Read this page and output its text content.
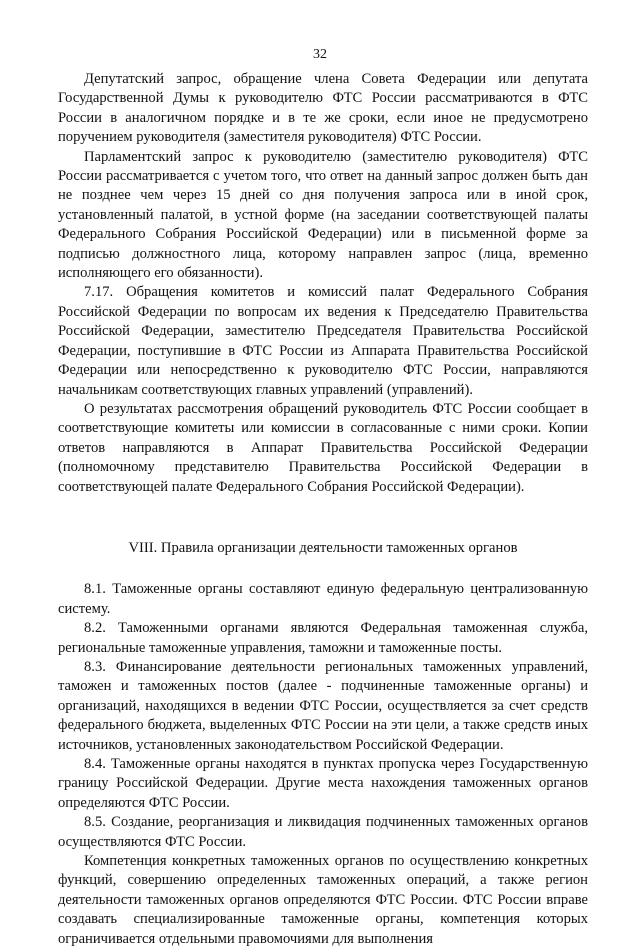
32

Депутатский запрос, обращение члена Совета Федерации или депутата Государственной Думы к руководителю ФТС России рассматриваются в ФТС России в аналогичном порядке и в те же сроки, если иное не предусмотрено поручением руководителя (заместителя руководителя) ФТС России.

Парламентский запрос к руководителю (заместителю руководителя) ФТС России рассматривается с учетом того, что ответ на данный запрос должен быть дан не позднее чем через 15 дней со дня получения запроса или в иной срок, установленный палатой, в устной форме (на заседании соответствующей палаты Федерального Собрания Российской Федерации) или в письменной форме за подписью должностного лица, которому направлен запрос (лица, временно исполняющего его обязанности).

7.17. Обращения комитетов и комиссий палат Федерального Собрания Российской Федерации по вопросам их ведения к Председателю Правительства Российской Федерации, заместителю Председателя Правительства Российской Федерации, поступившие в ФТС России из Аппарата Правительства Российской Федерации или непосредственно к руководителю ФТС России, направляются начальникам соответствующих главных управлений (управлений).

О результатах рассмотрения обращений руководитель ФТС России сообщает в соответствующие комитеты или комиссии в согласованные с ними сроки. Копии ответов направляются в Аппарат Правительства Российской Федерации (полномочному представителю Правительства Российской Федерации в соответствующей палате Федерального Собрания Российской Федерации).

VIII. Правила организации деятельности таможенных органов

8.1. Таможенные органы составляют единую федеральную централизованную систему.

8.2. Таможенными органами являются Федеральная таможенная служба, региональные таможенные управления, таможни и таможенные посты.

8.3. Финансирование деятельности региональных таможенных управлений, таможен и таможенных постов (далее - подчиненные таможенные органы) и организаций, находящихся в ведении ФТС России, осуществляется за счет средств федерального бюджета, выделенных ФТС России на эти цели, а также средств иных источников, установленных законодательством Российской Федерации.

8.4. Таможенные органы находятся в пунктах пропуска через Государственную границу Российской Федерации. Другие места нахождения таможенных органов определяются ФТС России.

8.5. Создание, реорганизация и ликвидация подчиненных таможенных органов осуществляются ФТС России.

Компетенция конкретных таможенных органов по осуществлению конкретных функций, совершению определенных таможенных операций, а также регион деятельности таможенных органов определяются ФТС России. ФТС России вправе создавать специализированные таможенные органы, компетенция которых ограничивается отдельными правомочиями для выполнения
